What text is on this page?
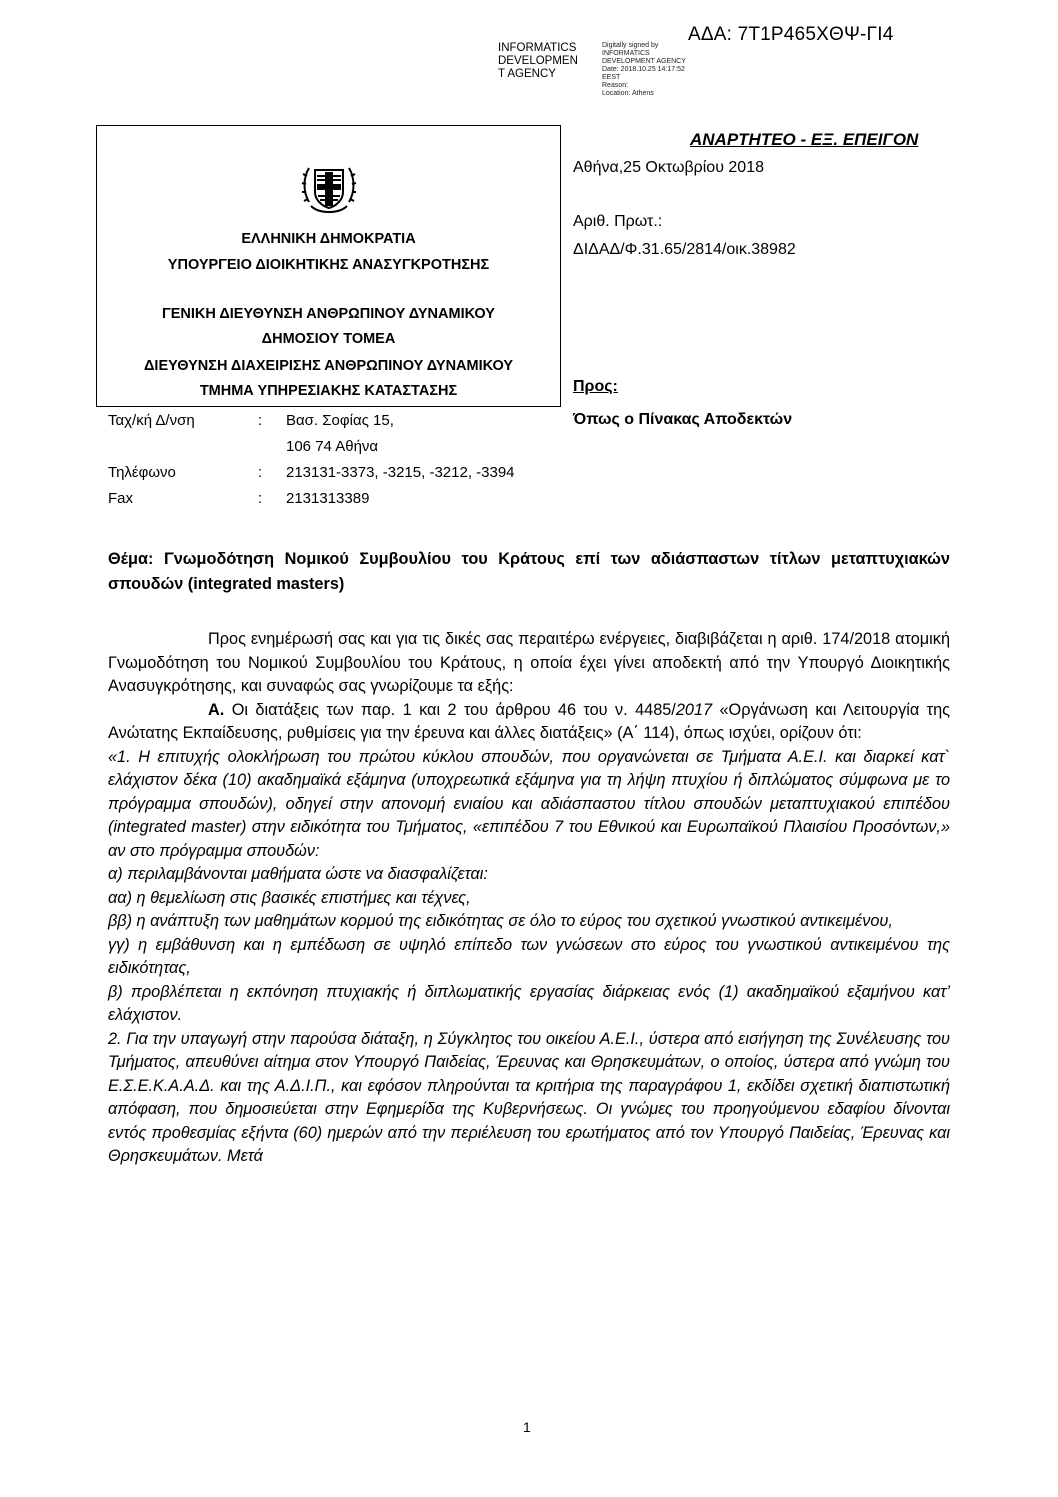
ΑΔΑ: 7Τ1Ρ465ΧΘΨ-ΓΙ4
INFORMATICS
DEVELOPMEN
T AGENCY
Digitally signed by
INFORMATICS
DEVELOPMENT AGENCY
Date: 2018.10.25 14:17:52
EEST
Reason:
Location: Athens
ΕΛΛΗΝΙΚΗ ΔΗΜΟΚΡΑΤΙΑ
ΥΠΟΥΡΓΕΙΟ ΔΙΟΙΚΗΤΙΚΗΣ ΑΝΑΣΥΓΚΡΟΤΗΣΗΣ
ΓΕΝΙΚΗ ΔΙΕΥΘΥΝΣΗ ΑΝΘΡΩΠΙΝΟΥ ΔΥΝΑΜΙΚΟΥ
ΔΗΜΟΣΙΟΥ ΤΟΜΕΑ
ΔΙΕΥΘΥΝΣΗ ΔΙΑΧΕΙΡΙΣΗΣ ΑΝΘΡΩΠΙΝΟΥ ΔΥΝΑΜΙΚΟΥ
ΤΜΗΜΑ ΥΠΗΡΕΣΙΑΚΗΣ ΚΑΤΑΣΤΑΣΗΣ
ΑΝΑΡΤΗΤΕΟ - ΕΞ. ΕΠΕΙΓΟΝ
Αθήνα,25 Οκτωβρίου 2018
Αριθ. Πρωτ.:
ΔΙΔΑΔ/Φ.31.65/2814/οικ.38982
Προς:
Όπως ο Πίνακας Αποδεκτών
Ταχ/κή Δ/νση	: Βασ. Σοφίας 15,
106 74 Αθήνα
Τηλέφωνο	: 213131-3373, -3215, -3212, -3394
Fax	: 2131313389
Θέμα: Γνωμοδότηση Νομικού Συμβουλίου του Κράτους επί των αδιάσπαστων τίτλων μεταπτυχιακών σπουδών (integrated masters)

Προς ενημέρωσή σας και για τις δικές σας περαιτέρω ενέργειες, διαβιβάζεται η αριθ. 174/2018 ατομική Γνωμοδότηση του Νομικού Συμβουλίου του Κράτους, η οποία έχει γίνει αποδεκτή από την Υπουργό Διοικητικής Ανασυγκρότησης, και συναφώς σας γνωρίζουμε τα εξής:

Α. Οι διατάξεις των παρ. 1 και 2 του άρθρου 46 του ν. 4485/2017 «Οργάνωση και Λειτουργία της Ανώτατης Εκπαίδευσης, ρυθμίσεις για την έρευνα και άλλες διατάξεις» (Α΄ 114), όπως ισχύει, ορίζουν ότι:

«1. Η επιτυχής ολοκλήρωση του πρώτου κύκλου σπουδών, που οργανώνεται σε Τμήματα Α.Ε.Ι. και διαρκεί κατ` ελάχιστον δέκα (10) ακαδημαϊκά εξάμηνα (υποχρεωτικά εξάμηνα για τη λήψη πτυχίου ή διπλώματος σύμφωνα με το πρόγραμμα σπουδών), οδηγεί στην απονομή ενιαίου και αδιάσπαστου τίτλου σπουδών μεταπτυχιακού επιπέδου (integrated master) στην ειδικότητα του Τμήματος, «επιπέδου 7 του Εθνικού και Ευρωπαϊκού Πλαισίου Προσόντων,» αν στο πρόγραμμα σπουδών:

α) περιλαμβάνονται μαθήματα ώστε να διασφαλίζεται:

αα) η θεμελίωση στις βασικές επιστήμες και τέχνες,

ββ) η ανάπτυξη των μαθημάτων κορμού της ειδικότητας σε όλο το εύρος του σχετικού γνωστικού αντικειμένου,

γγ) η εμβάθυνση και η εμπέδωση σε υψηλό επίπεδο των γνώσεων στο εύρος του γνωστικού αντικειμένου της ειδικότητας,

β) προβλέπεται η εκπόνηση πτυχιακής ή διπλωματικής εργασίας διάρκειας ενός (1) ακαδημαϊκού εξαμήνου κατ’ ελάχιστον.

2. Για την υπαγωγή στην παρούσα διάταξη, η Σύγκλητος του οικείου Α.Ε.Ι., ύστερα από εισήγηση της Συνέλευσης του Τμήματος, απευθύνει αίτημα στον Υπουργό Παιδείας, Έρευνας και Θρησκευμάτων, ο οποίος, ύστερα από γνώμη του Ε.Σ.Ε.Κ.Α.Α.Δ. και της Α.Δ.Ι.Π., και εφόσον πληρούνται τα κριτήρια της παραγράφου 1, εκδίδει σχετική διαπιστωτική απόφαση, που δημοσιεύεται στην Εφημερίδα της Κυβερνήσεως. Οι γνώμες του προηγούμενου εδαφίου δίνονται εντός προθεσμίας εξήντα (60) ημερών από την περιέλευση του ερωτήματος από τον Υπουργό Παιδείας, Έρευνας και Θρησκευμάτων. Μετά

1
